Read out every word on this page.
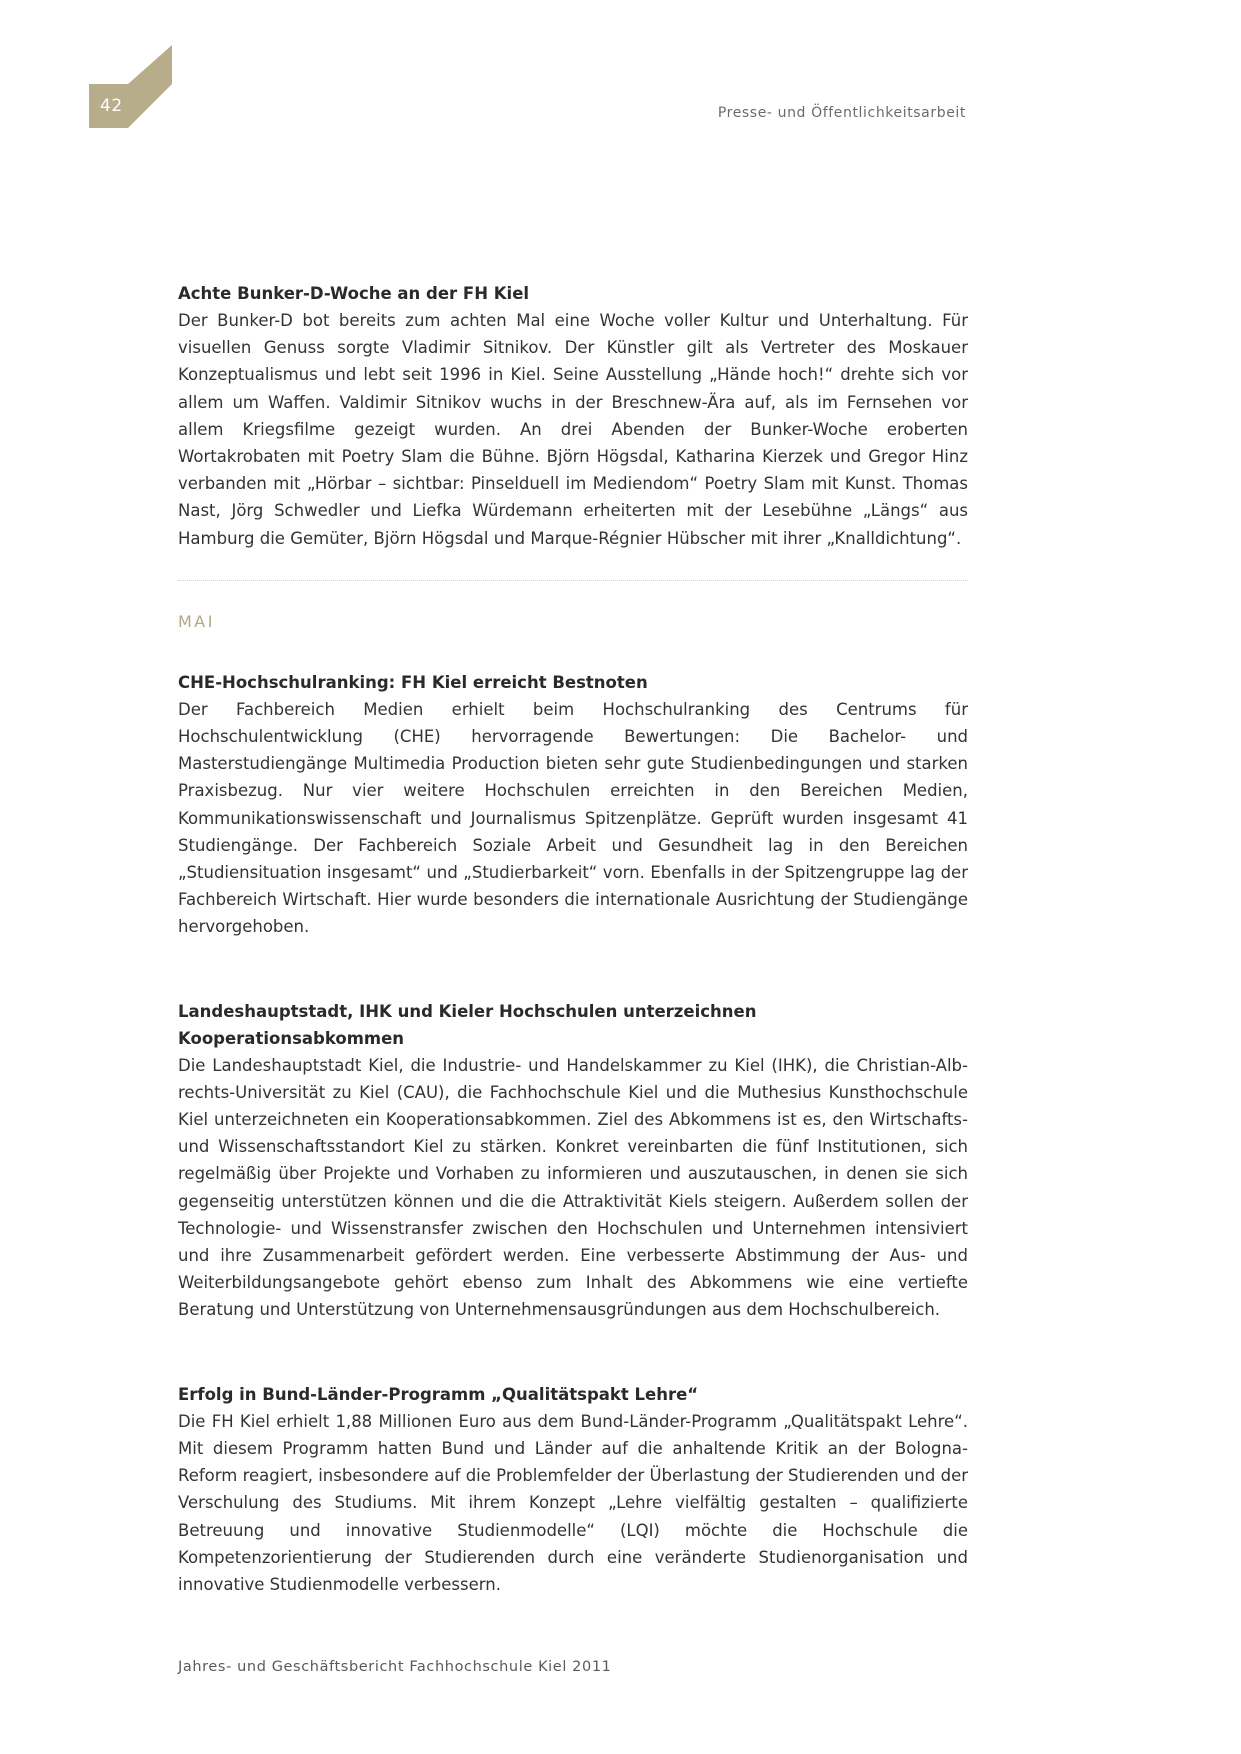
42	Presse- und Öffentlichkeitsarbeit
Achte Bunker-D-Woche an der FH Kiel

Der Bunker-D bot bereits zum achten Mal eine Woche voller Kultur und Unterhaltung. Für visuellen Genuss sorgte Vladimir Sitnikov. Der Künstler gilt als Vertreter des Moskauer Konzeptualismus und lebt seit 1996 in Kiel. Seine Ausstellung „Hände hoch!“ drehte sich vor allem um Waffen. Valdimir Sitnikov wuchs in der Breschnew-Ära auf, als im Fernsehen vor allem Kriegsfilme gezeigt wurden. An drei Abenden der Bunker-Woche eroberten Wortakrobaten mit Poetry Slam die Bühne. Björn Högsdal, Katharina Kierzek und Gregor Hinz verbanden mit „Hörbar – sichtbar: Pinselduell im Mediendom“ Poetry Slam mit Kunst. Thomas Nast, Jörg Schwedler und Liefka Würdemann erheiterten mit der Lesebühne „Längs“ aus Hamburg die Gemüter, Björn Högsdal und Marque-Régnier Hübscher mit ihrer „Knalldichtung“.

MAI
CHE-Hochschulranking: FH Kiel erreicht Bestnoten

Der Fachbereich Medien erhielt beim Hochschulranking des Centrums für Hochschulentwicklung (CHE) hervorragende Bewertungen: Die Bachelor- und Masterstudiengänge Multimedia Production bieten sehr gute Studienbedingungen und starken Praxisbezug. Nur vier weitere Hochschulen erreichten in den Bereichen Medien, Kommunikationswissenschaft und Journalismus Spitzenplätze. Geprüft wurden insgesamt 41 Studiengänge. Der Fachbereich Soziale Arbeit und Gesundheit lag in den Bereichen „Studiensituation insgesamt“ und „Studierbarkeit“ vorn. Ebenfalls in der Spitzengruppe lag der Fachbereich Wirtschaft. Hier wurde besonders die internationale Ausrichtung der Studiengänge hervorgehoben.

Landeshauptstadt, IHK und Kieler Hochschulen unterzeichnen Kooperationsabkommen

Die Landeshauptstadt Kiel, die Industrie- und Handelskammer zu Kiel (IHK), die Christian-Albrechts-Universität zu Kiel (CAU), die Fachhochschule Kiel und die Muthesius Kunsthochschule Kiel unterzeichneten ein Kooperationsabkommen. Ziel des Abkommens ist es, den Wirtschafts- und Wissenschaftsstandort Kiel zu stärken. Konkret vereinbarten die fünf Institutionen, sich regelmäßig über Projekte und Vorhaben zu informieren und auszutauschen, in denen sie sich gegenseitig unterstützen können und die die Attraktivität Kiels steigern. Außerdem sollen der Technologie- und Wissenstransfer zwischen den Hochschulen und Unternehmen intensiviert und ihre Zusammenarbeit gefördert werden. Eine verbesserte Abstimmung der Aus- und Weiterbildungsangebote gehört ebenso zum Inhalt des Abkommens wie eine vertiefte Beratung und Unterstützung von Unternehmensausgründungen aus dem Hochschulbereich.

Erfolg in Bund-Länder-Programm „Qualitätspakt Lehre“

Die FH Kiel erhielt 1,88 Millionen Euro aus dem Bund-Länder-Programm „Qualitätspakt Lehre“. Mit diesem Programm hatten Bund und Länder auf die anhaltende Kritik an der Bologna-Reform reagiert, insbesondere auf die Problemfelder der Überlastung der Studierenden und der Verschulung des Studiums. Mit ihrem Konzept „Lehre vielfältig gestalten – qualifizierte Betreuung und innovative Studienmodelle“ (LQI) möchte die Hochschule die Kompetenzorientierung der Studierenden durch eine veränderte Studienorganisation und innovative Studienmodelle verbessern.

Jahres- und Geschäftsbericht Fachhochschule Kiel 2011
